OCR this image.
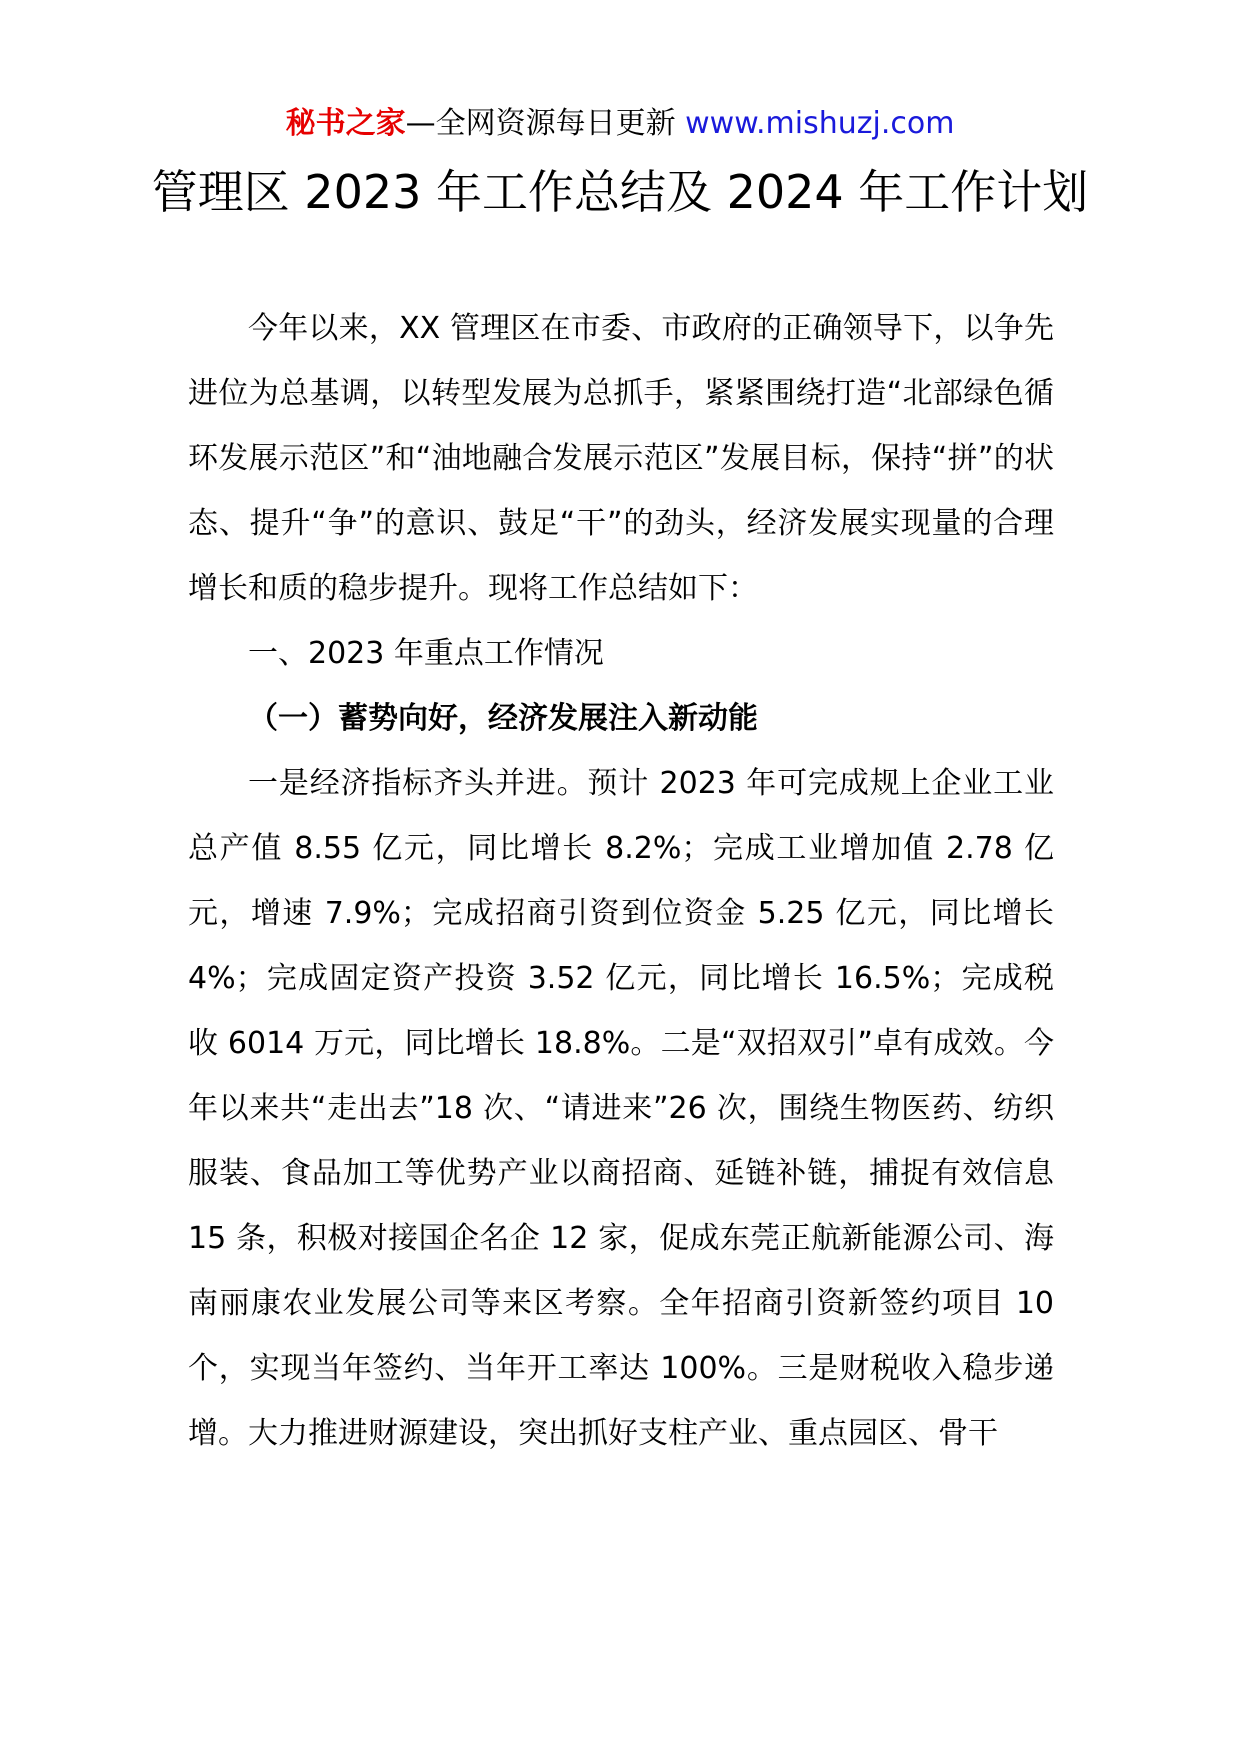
秘书之家—全网资源每日更新 www.mishuzj.com
管理区 2023 年工作总结及 2024 年工作计划

今年以来，XX 管理区在市委、市政府的正确领导下，以争先进位为总基调，以转型发展为总抓手，紧紧围绕打造“北部绿色循环发展示范区”和“油地融合发展示范区”发展目标，保持“拼”的状态、提升“争”的意识、鼓足“干”的劲头，经济发展实现量的合理增长和质的稳步提升。现将工作总结如下：

一、2023 年重点工作情况

（一）蓄势向好，经济发展注入新动能

一是经济指标齐头并进。预计 2023 年可完成规上企业工业总产值 8.55 亿元，同比增长 8.2%；完成工业增加值 2.78 亿元，增速 7.9%；完成招商引资到位资金 5.25 亿元，同比增长 4%；完成固定资产投资 3.52 亿元，同比增长 16.5%；完成税收 6014 万元，同比增长 18.8%。二是“双招双引”卓有成效。今年以来共“走出去”18 次、“请进来”26 次，围绕生物医药、纺织服装、食品加工等优势产业以商招商、延链补链，捕捉有效信息 15 条，积极对接国企名企 12 家，促成东莞正航新能源公司、海南丽康农业发展公司等来区考察。全年招商引资新签约项目 10 个，实现当年签约、当年开工率达 100%。三是财税收入稳步递增。大力推进财源建设，突出抓好支柱产业、重点园区、骨干
